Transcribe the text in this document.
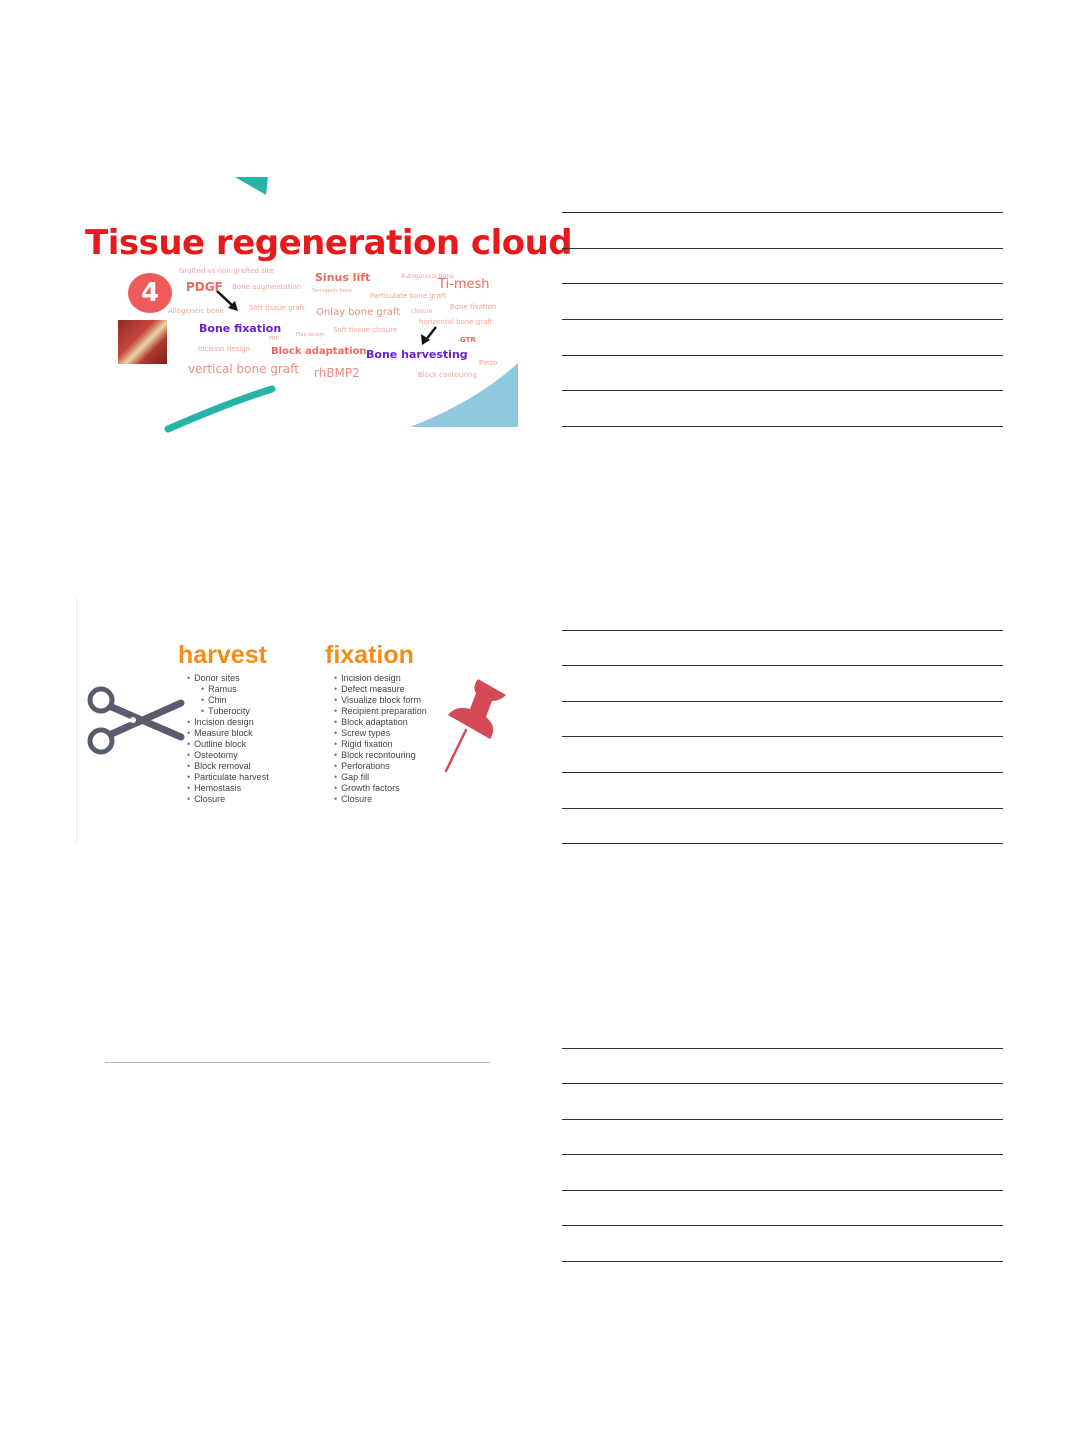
Tissue regeneration cloud
4
Grafted vs non-grafted site	Sinus lift	Autogenous bone
PDGF Bone augmentation Xenogenic bone	Ti-mesh
Particulate bone graft
Allogeneic bone	Soft tissue graft Onlay bone graft closure
Bone fixation
Bone fixation	horizontal bone graft
Flap design
Soft tissue closure
PRP	GTR
Incision design Block adaptation Bone harvesting
Piezo
vertical bone graft rhBMP2	Block contouring
harvest
• Donor sites
• Ramus
• Chin
• Tuberocity
• Incision design
• Measure block
• Outline block
• Osteotomy
• Block removal
• Particulate harvest
• Hemostasis
• Closure
fixation
• Incision design
• Defect measure
• Visualize block form
• Recipient preparation
• Block adaptation
• Screw types
• Rigid fixation
• Block recontouring
• Perforations
• Gap fill
• Growth factors
• Closure
